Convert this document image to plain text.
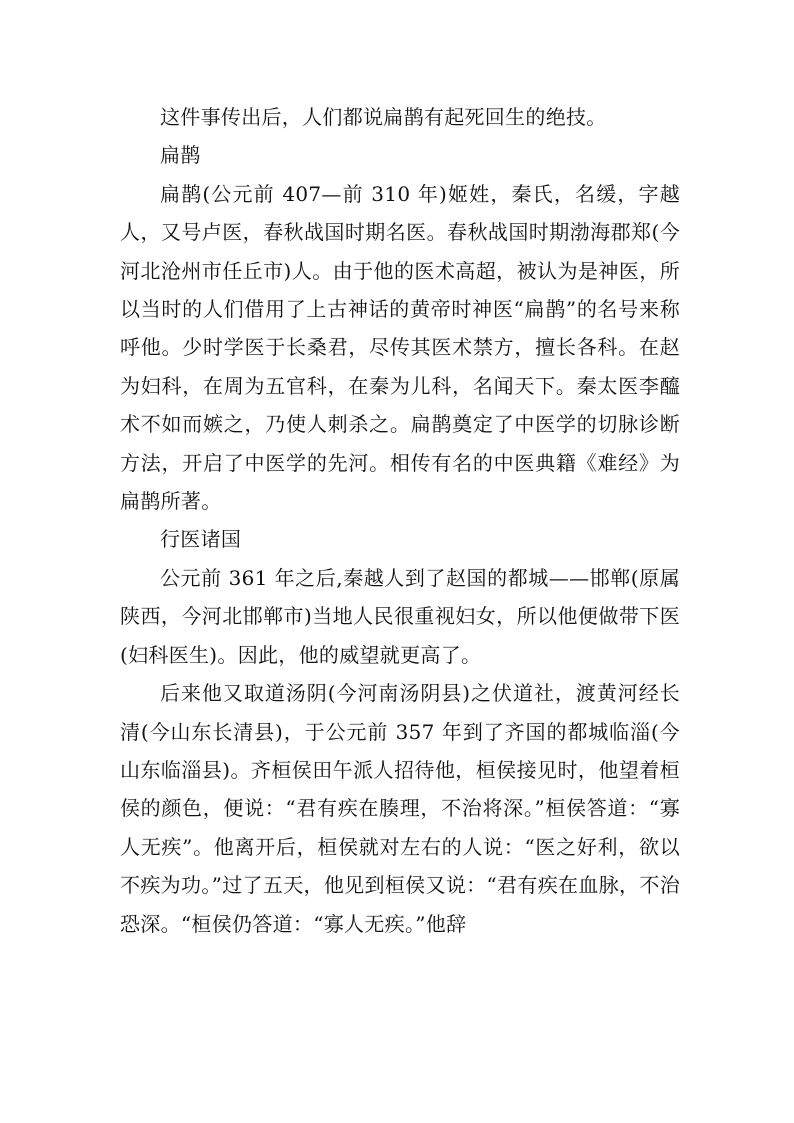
这件事传出后，人们都说扁鹊有起死回生的绝技。

扁鹊

扁鹊(公元前 407—前 310 年)姬姓，秦氏，名缓，字越人，又号卢医，春秋战国时期名医。春秋战国时期渤海郡郑(今河北沧州市任丘市)人。由于他的医术高超，被认为是神医，所以当时的人们借用了上古神话的黄帝时神医“扁鹊”的名号来称呼他。少时学医于长桑君，尽传其医术禁方，擅长各科。在赵为妇科，在周为五官科，在秦为儿科，名闻天下。秦太医李醯术不如而嫉之，乃使人刺杀之。扁鹊奠定了中医学的切脉诊断方法，开启了中医学的先河。相传有名的中医典籍《难经》为扁鹊所著。

行医诸国

公元前 361 年之后,秦越人到了赵国的都城——邯郸(原属陕西，今河北邯郸市)当地人民很重视妇女，所以他便做带下医(妇科医生)。因此，他的威望就更高了。

后来他又取道汤阴(今河南汤阴县)之伏道社，渡黄河经长清(今山东长清县)，于公元前 357 年到了齐国的都城临淄(今山东临淄县)。齐桓侯田午派人招待他，桓侯接见时，他望着桓侯的颜色，便说：“君有疾在腠理，不治将深。”桓侯答道：“寡人无疾”。他离开后，桓侯就对左右的人说：“医之好利，欲以不疾为功。”过了五天，他见到桓侯又说：“君有疾在血脉，不治恐深。“桓侯仍答道：“寡人无疾。”他辞
